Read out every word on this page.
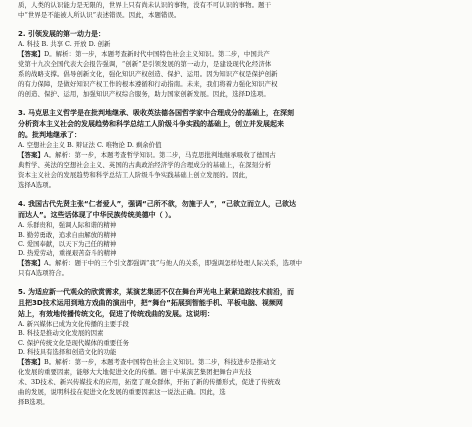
质，人类的认识能力是无限的，世界上只有尚未认识的事物，没有不可认识的事物。题干
中“世界是不能被人所认识”表述错误。因此，本题错误。
2. 引领发展的第一动力是：
A. 科技 B. 共享 C. 开放 D. 创新
【答案】D。解析：第一步，本题考查新时代中国特色社会主义知识。第二步，中国共产
党第十九次全国代表大会报告强调，“创新”是引领发展的第一动力，是建设现代化经济体
系的战略支撑。倡导创新文化，强化知识产权创造、保护、运用。因为知识产权是保护创新
的有力保障，是做好知识产权工作的根本遵循和行动指南。未来，我们将着力强化知识产权
的创造、保护、运用，加强知识产权综合服务，助力国家创新发展。因此，选择D选项。
3. 马克思主义哲学是在批判地继承、吸收英法德各国哲学家中合理成分的基础上，在深刻
分析资本主义社会的发展趋势和科学总结工人阶级斗争实践的基础上，创立并发展起来
的。批判地继承了：
A. 空想社会主义 B. 辩证法 C. 唯物论 D. 剩余价值
【答案】A。解析：第一步，本题考查哲学知识。第二步，马克思批判地继承吸收了德国古
典哲学、英法的空想社会主义、英国的古典政治经济学的合理成分的基础上，在深刻分析
资本主义社会的发展趋势和科学总结工人阶级斗争实践基础上创立发展的。因此，
选择A选项。
4. 我国古代先贤主张“仁者爱人”，强调“己所不欲，勿施于人”，“己欲立而立人，己欲达
而达人”。这些话体现了中华民族传统美德中（ ）。
A. 乐群贵和，强调人际和谐的精神
B. 勤劳勇敢，追求自由解放的精神
C. 爱国奉献，以天下为己任的精神
D. 热爱劳动，重视艰苦奋斗的精神
【答案】A。解析：题干中的三个引文都强调“我”与他人的关系，即强调怎样处理人际关系，选项中
只有A选项符合。
5. 为适应新一代观众的欣赏需求，某演艺集团不仅在舞台声光电上紧紧追踪技术前沿，而
且把3D技术运用到地方戏曲的演出中，把“舞台”拓展到智能手机、平板电脑、视频网
站上，有效地传播传统文化，促进了传统戏曲的发展。这说明：
A. 新兴媒体已成为文化传播的主要手段
B. 科技是推动文化发展的因素
C. 保护传统文化是现代媒体的重要任务
D. 科技具有选择和创造文化的功能
【答案】B。解析：第一步，本题考查中国特色社会主义知识。第二步，科技进步是推动文
化发展的重要因素，能够大大地促进文化的传播。题干中某演艺集团把舞台声光技
术、3D技术、新兴传媒技术的应用，拓宽了观众群体，开拓了新的传播形式，促进了传统戏
曲的发展，说明科技在促进文化发展的重要因素这一说法正确。因此，选
择B选项。
